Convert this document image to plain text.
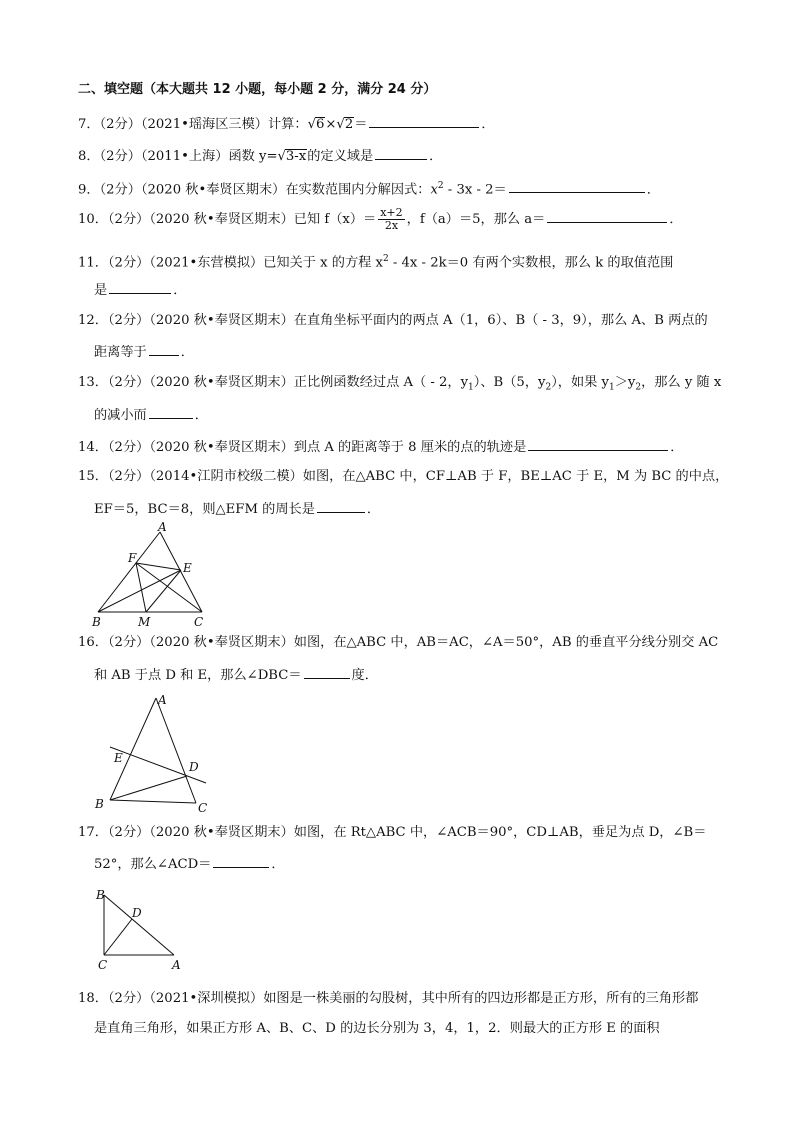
二、填空题（本大题共 12 小题，每小题 2 分，满分 24 分）
7．（2分）（2021•瑶海区三模）计算：√6×√2＝	．
8．（2分）（2011•上海）函数 y=√3-x的定义域是	．
9．（2分）（2020 秋•奉贤区期末）在实数范围内分解因式：$x^2 - 3x - 2=$	．
10．（2分）（2020 秋•奉贤区期末）已知 $f(x)= \frac{x+2}{2x}$ ，f（a）＝5，那么 a＝	．
11．（2分）（2021•东营模拟）已知关于 x 的方程 $x^2 - 4x - 2k=0$ 有两个实数根，那么 k 的取值范围
是	．
12．（2分）（2020 秋•奉贤区期末）在直角坐标平面内的两点 A（1，6）、B（ - 3，9），那么 A、B 两点的
距离等于	．
13．（2分）（2020 秋•奉贤区期末）正比例函数经过点 A（ - 2，$y_1$）、B（5，$y_2$），如果 $y_1>y_2$，那么 y 随 x
的减小而	．
14．（2分）（2020 秋•奉贤区期末）到点 A 的距离等于 8 厘米的点的轨迹是	．
15．（2分）（2014•江阴市校级二模）如图，在△ABC 中，CF⊥AB 于 F，BE⊥AC 于 E，M 为 BC 的中点，
EF＝5，BC＝8，则△EFM 的周长是	．
A
F
E
B	M	C
16．（2分）（2020 秋•奉贤区期末）如图，在△ABC 中，AB＝AC，∠A＝50°，AB 的垂直平分线分别交 AC
和 AB 于点 D 和 E，那么∠DBC＝	度．
A
E
D
B	C
17．（2分）（2020 秋•奉贤区期末）如图，在 Rt△ABC 中，∠ACB＝90°，CD⊥AB，垂足为点 D，∠B＝
52°，那么∠ACD＝	．
B
D
C	A
18．（2分）（2021•深圳模拟）如图是一株美丽的勾股树，其中所有的四边形都是正方形，所有的三角形都
是直角三角形，如果正方形 A、B、C、D 的边长分别为 3，4，1，2．则最大的正方形 E 的面积
